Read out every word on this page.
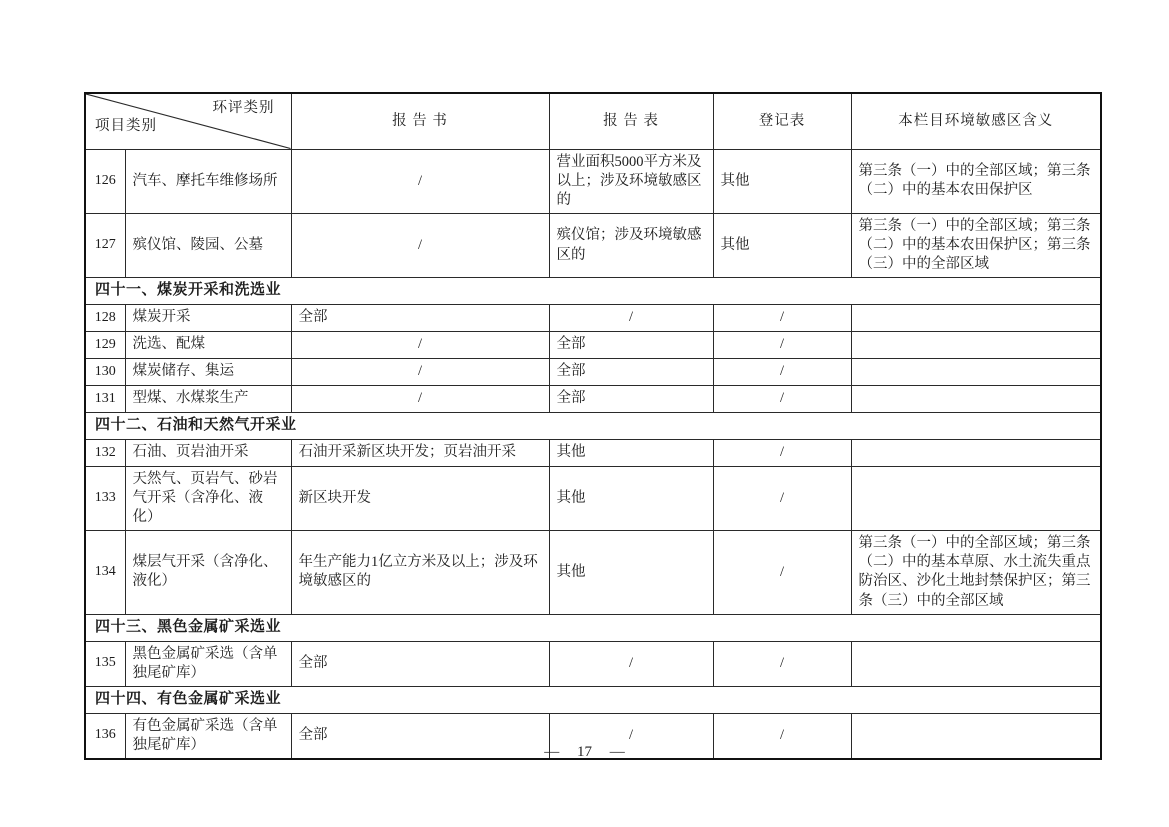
环评类别
项目类别		报 告 书	报 告 表	登记表	本栏目环境敏感区含义
126	汽车、摩托车维修场所	/	营业面积5000平方米及以上；涉及环境敏感区的	其他	第三条（一）中的全部区域；第三条（二）中的基本农田保护区
127	殡仪馆、陵园、公墓	/	殡仪馆；涉及环境敏感区的	其他	第三条（一）中的全部区域；第三条（二）中的基本农田保护区；第三条（三）中的全部区域
四十一、煤炭开采和洗选业					
128	煤炭开采	全部	/	/	
129	洗选、配煤	/	全部	/	
130	煤炭储存、集运	/	全部	/	
131	型煤、水煤浆生产	/	全部	/	
四十二、石油和天然气开采业					
132	石油、页岩油开采	石油开采新区块开发；页岩油开采	其他	/	
133	天然气、页岩气、砂岩气开采（含净化、液化）	新区块开发	其他	/	
134	煤层气开采（含净化、液化）	年生产能力1亿立方米及以上；涉及环境敏感区的	其他	/	第三条（一）中的全部区域；第三条（二）中的基本草原、水土流失重点防治区、沙化土地封禁保护区；第三条（三）中的全部区域
四十三、黑色金属矿采选业					
135	黑色金属矿采选（含单独尾矿库）	全部	/	/	
四十四、有色金属矿采选业					
136	有色金属矿采选（含单独尾矿库）	全部	/	/	
— 17 —
